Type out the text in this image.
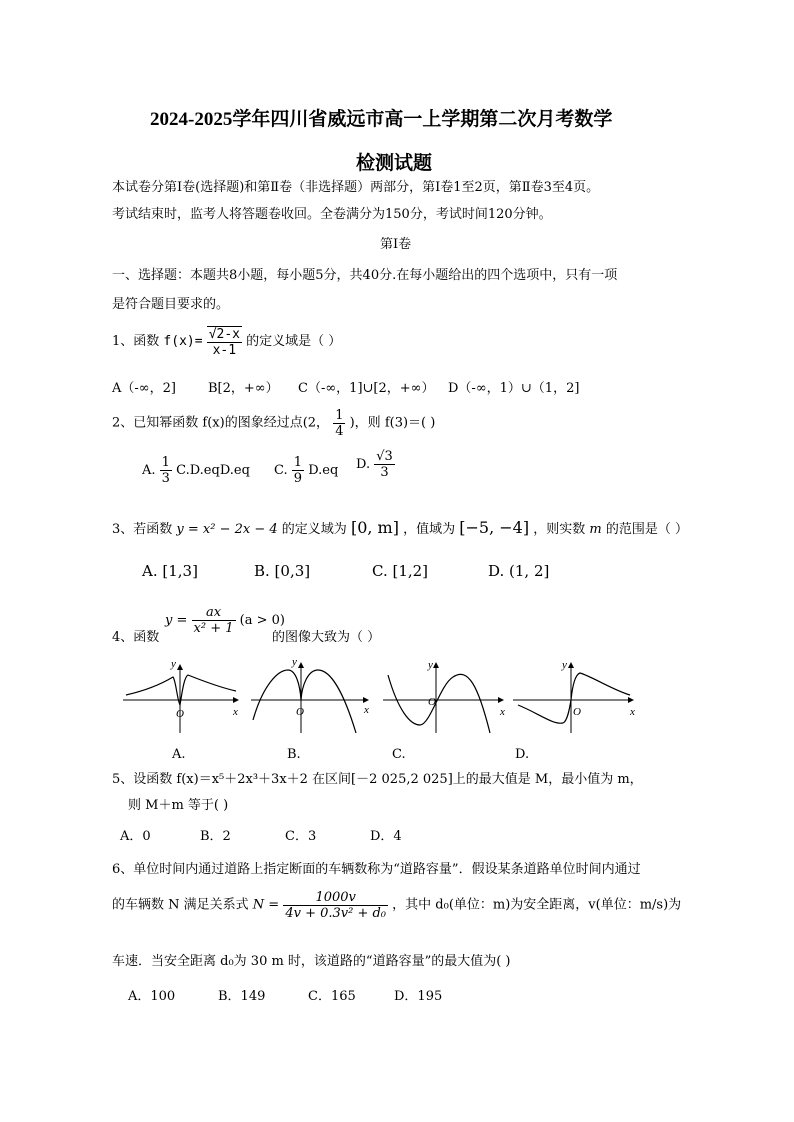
2024-2025学年四川省威远市高一上学期第二次月考数学
检测试题
本试卷分第Ⅰ卷(选择题)和第Ⅱ卷（非选择题）两部分，第Ⅰ卷1至2页，第Ⅱ卷3至4页。
考试结束时，监考人将答题卷收回。全卷满分为150分，考试时间120分钟。
第Ⅰ卷
一、选择题：本题共8小题，每小题5分，共40分.在每小题给出的四个选项中，只有一项
是符合题目要求的。
1、函数 $f(x)= \frac{√2-x}{x-1}$ 的定义域是（ ）
A（-∞，2] B[2，+∞） C（-∞，1]∪[2，+∞） D（-∞，1）∪（1，2]
2、已知幂函数 f(x)的图象经过点(2， $\frac{1}{4}$ )，则 f(3)＝( )
A. $\frac{1}{3} C.D.eqD.eq$ C. $\frac{1}{9} D.eq$ D. $\frac{√3}{3}$
3、若函数 y = x² − 2x − 4 的定义域为 [0, m] ，值域为 [−5, −4] ，则实数 m 的范围是（ ）
A. [1,3]	B. [0,3]	C. [1,2]	D. (1, 2]
4、函数
$y = \frac{ax}{\text{x² + 1}} (a > 0)$
的图像大致为（ ）
y
x
O
y
x
O
y
x
O
y
x
O
A.	B.	C.	D.
5、设函数 f(x)＝x⁵＋2x³＋3x＋2 在区间[－2 025,2 025]上的最大值是 M，最小值为 m，
则 M＋m 等于( )
A．0	B．2	C．3	D．4
6、单位时间内通过道路上指定断面的车辆数称为“道路容量”．假设某条道路单位时间内通过
的车辆数 N 满足关系式 $N = \frac{1000v}{\text{4v + 0.3v² + d₀}}$ ，其中 d₀(单位：m)为安全距离，v(单位：m/s)为
车速．当安全距离 d₀为 30 m 时，该道路的“道路容量”的最大值为( )
A．100	B．149	C．165	D．195
